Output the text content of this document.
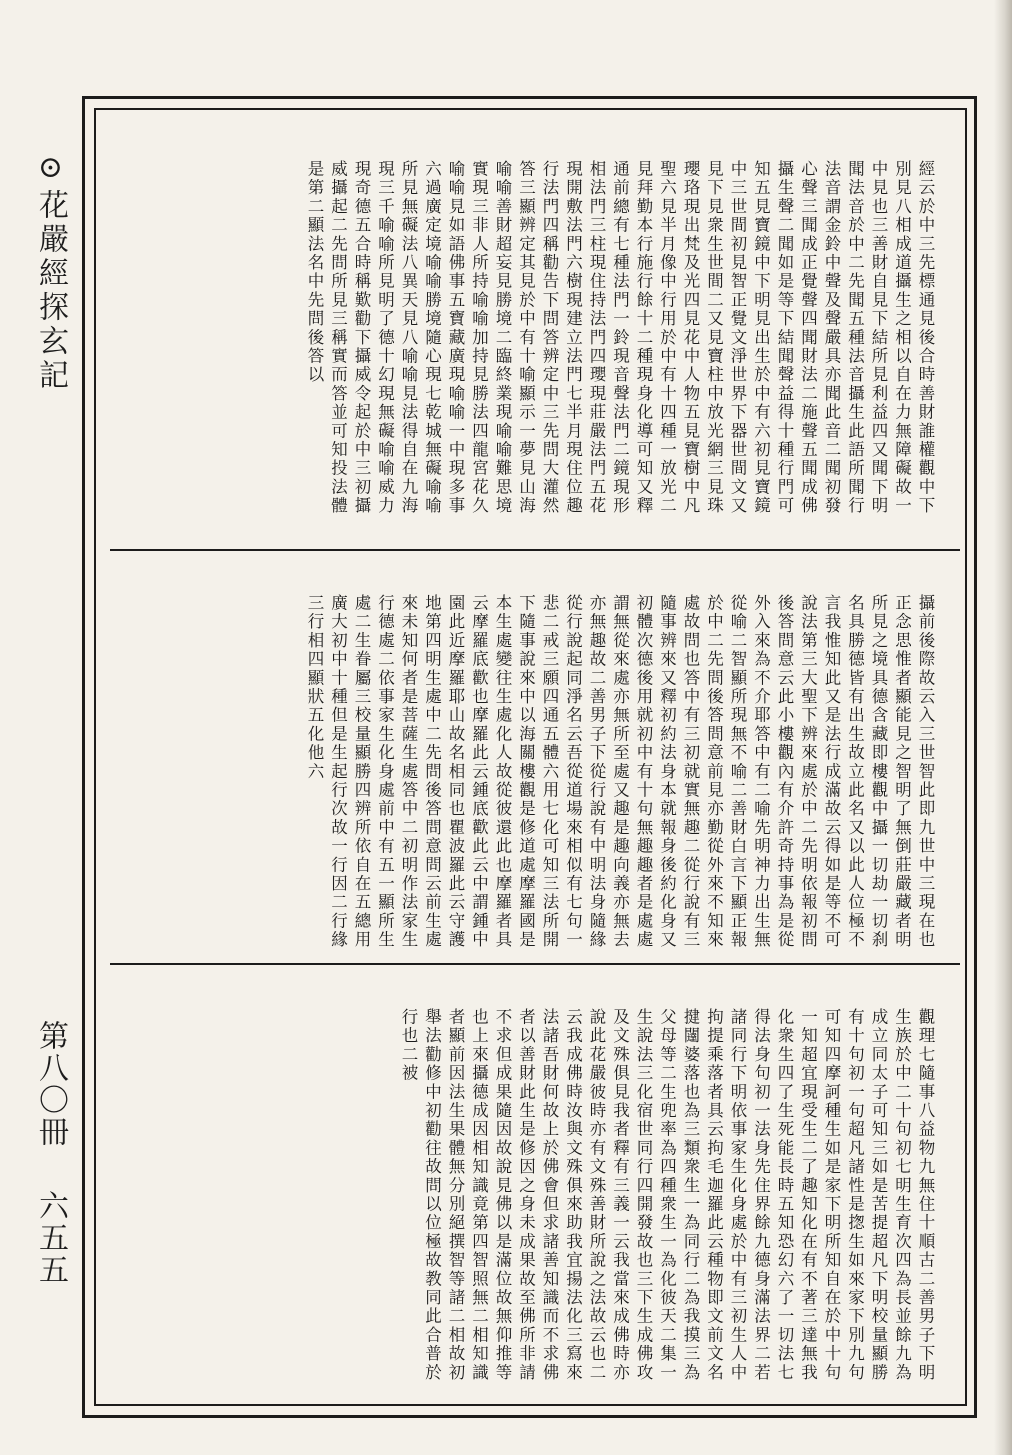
⊙花嚴經探玄記
第八〇冊
六五五
經云於中三先標通見後合時善財誰權觀中下別見八相成道攝生之相以自在力無障礙故一中見也三善財自見下結所見利益四又聞下明聞法音於中二先聞五種法音攝生此語所聞行法音謂金鈴中聲及聲嚴具亦聞此音二聞初發心聲三聞成正覺聲四聞財法二施聲五聞成佛攝生聲二聞如是等下結聞聲益得十種行門可知五見寶鏡中下明見出生於中有六初見寶鏡中三世間初見智正覺文淨世界下器世間文又見下見衆生世間二又見寶柱中放光網三見珠瓔珞現出梵及光四見花中人物五見寶樹中凡聖六見半月像中行用於中有十四種一放光二見拜勤本行施行餘十二種現身化導可知又釋通前總有七種法門一鈴現音聲法門二鏡現形相法門三柱現住持法門四瓔現莊嚴法門五花現開敷法門六樹現建立法門七半月現住位趣行法門四稱勸告下問答辨定中三先問大灌然答三顯辨定其見於中有十喻顯示一夢見山海喻喻善財超妄見勝境二臨終業現喻喻難思境實現三非人所持喻喻加持見勝法四龍宮花久喻喻見如語佛事五寶藏廣現喻喻一中現多事六過廣定境喻喻勝境隨心現七乾城無礙喻喻所見無礙法八異天見八喻喻見法得自在九海現三千喻喻所見明了德十幻現無礙喻喻威力現奇德五合時稱歎勸下攝威令起於中三初攝威攝起二先問所見三稱實而答並可知投法體是第二顯法名中先問後答以
攝前後際故云入三世智此即九世中三現在也正念思惟者顯能見之智明了無倒莊嚴藏者明所見之境具德含藏即樓觀中攝一切劫一切刹名具勝德皆有出生故立此名又以此人位極不言我惟知此又是法行成滿故云得如是等不可說法第三大聖下辨來處於中二先明依報初問後答問意云此小樓觀內有介許奇持事為是從外入來為不介耶答中有二喻先明神力出生無從喻二智顯所現無不喻二善財白言下顯正報於中二先問後答問意前見亦勤從外來不知來處故問也答中有三初就實無趣二從行說有三隨事辨來又釋初約法身本就報身後約化身又初體次德後用就初中有十句無趣趣者是處處謂無從來處亦無所至處又趣是趣向義亦無去亦無趣故二善男子下從行說有中明法身隨緣從行說起同淨名云吾從道場來相似有七句一悲二戒三願四通五體六用七化可知三法所開下隨事說來中以海關樓觀是修道處摩羅國是本生處變往生處化人故從彼還此也摩羅者具云摩羅底歡也摩羅此云鍾底歡此云中謂鍾中園此近摩羅耶山故名相同也瞿波羅此云守護地第四明生處中二先問後答問意問云前生處來未知何者是菩薩生處答中二初明作法家生行德處二依事家生化身處前中有五一顯所生處二生眷屬三校量顯勝四辨所依自在五總用廣大初中十種但是生起行次故一行因二行緣三行相四顯狀五化他六
觀理七隨事八益物九無住十順古二善男子下明生族於中二十句初七明生育次四為長並餘九為成立同太子可知三如是苦提超凡下明校量顯勝有十句初一句超凡諸性是揔生如來家下別九句可知四摩訶種生如是家下明所知自在於中十句一知超宜現受生二了趣知化在有不著三達無我化衆生四了生死能長時五知恐幻六了一切法七得法身句初一法身先住界餘九德身滿法界二若諸同行下明依事家生化身處於中有三初生人中拘提乘落者具云拘毛迦羅此云種物即文前文名揵闥婆落也為三類衆生一為同行二為我摸三為父母等二生兜率為四種衆生一為化彼天二集一生說法三化宿世同行四開發故也三下生成佛攻及文殊俱見我者釋有三義一云我當來成佛時亦說此花嚴彼時亦有文殊善財所說之法故云也二云我成佛時汝與文殊俱來助我宜揚法化三寫來法諸吾財何故上於佛會但求諸善知識而不求佛者以善財此生是修因之身未成果故至佛所非請不求但成果隨因故說見佛以是滿位故無仰推等也上來攝德成因相知識竟第四智照無二相知識者顯前因法生果體無分別絕撰智等諸二相故初舉法勸修中初勸往故問以位極故教同此合普於行也二被
